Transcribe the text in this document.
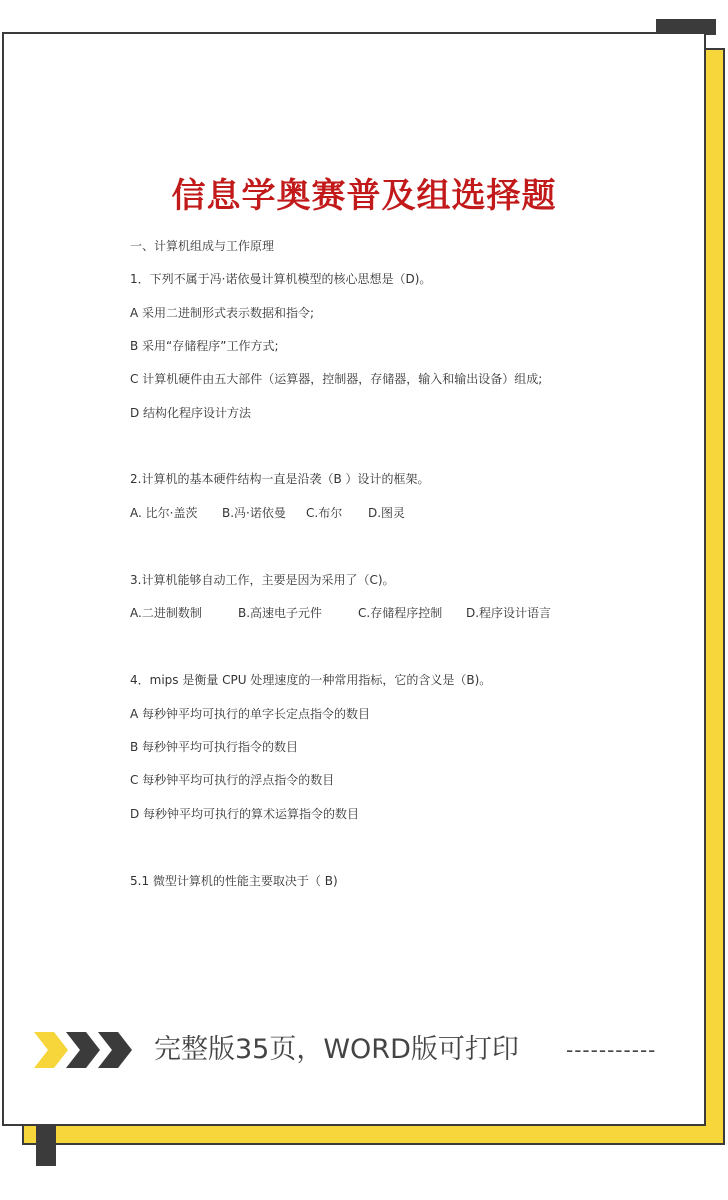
信息学奥赛普及组选择题
一、计算机组成与工作原理
1．下列不属于冯·诺依曼计算机模型的核心思想是（D)。
A 采用二进制形式表示数据和指令;
B 采用“存储程序”工作方式;
C 计算机硬件由五大部件（运算器，控制器，存储器，输入和输出设备）组成;
D 结构化程序设计方法
2.计算机的基本硬件结构一直是沿袭（B ）设计的框架。
A. 比尔·盖茨 B.冯·诺依曼 C.布尔 D.图灵
3.计算机能够自动工作，主要是因为采用了（C)。
A.二进制数制	B.高速电子元件	C.存储程序控制 D.程序设计语言
4．mips 是衡量 CPU 处理速度的一种常用指标，它的含义是（B)。
A 每秒钟平均可执行的单字长定点指令的数目
B 每秒钟平均可执行指令的数目
C 每秒钟平均可执行的浮点指令的数目
D 每秒钟平均可执行的算术运算指令的数目
5.1 微型计算机的性能主要取决于（ B)
完整版35页，WORD版可打印 -----------
